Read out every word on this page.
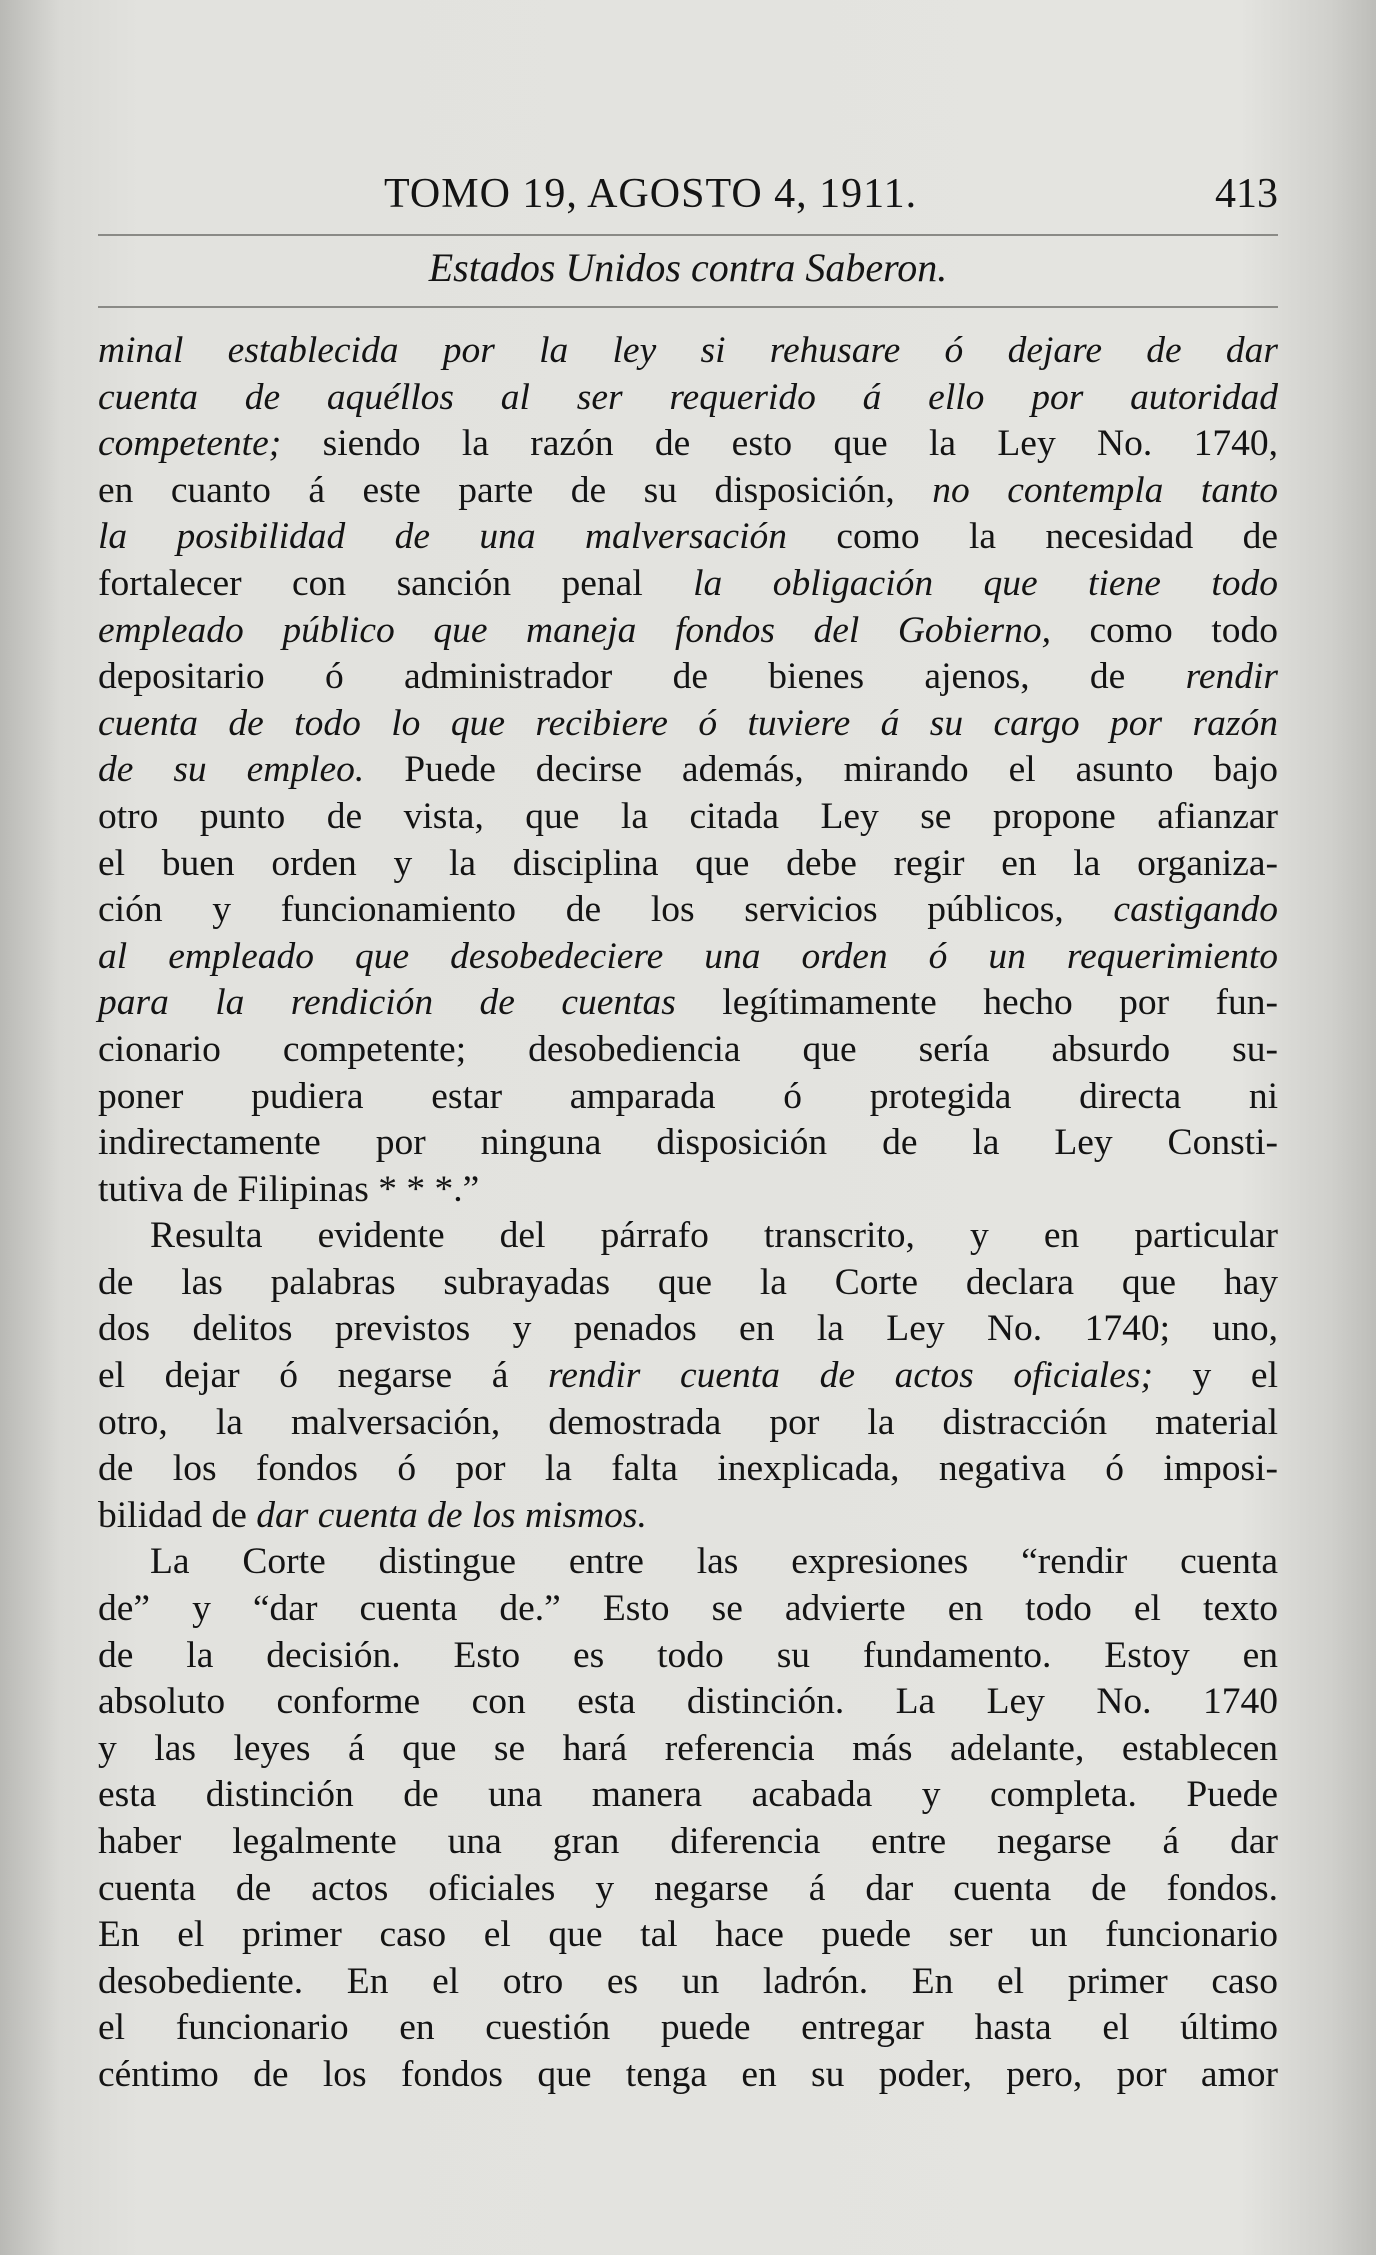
TOMO 19, AGOSTO 4, 1911.	413
Estados Unidos contra Saberon.
minal establecida por la ley si rehusare ó dejare de dar
cuenta de aquéllos al ser requerido á ello por autoridad
competente; siendo la razón de esto que la Ley No. 1740,
en cuanto á este parte de su disposición, no contempla tanto
la posibilidad de una malversación como la necesidad de
fortalecer con sanción penal la obligación que tiene todo
empleado público que maneja fondos del Gobierno, como todo
depositario ó administrador de bienes ajenos, de rendir
cuenta de todo lo que recibiere ó tuviere á su cargo por razón
de su empleo. Puede decirse además, mirando el asunto bajo
otro punto de vista, que la citada Ley se propone afianzar
el buen orden y la disciplina que debe regir en la organiza-
ción y funcionamiento de los servicios públicos, castigando
al empleado que desobedeciere una orden ó un requerimiento
para la rendición de cuentas legítimamente hecho por fun-
cionario competente; desobediencia que sería absurdo su-
poner pudiera estar amparada ó protegida directa ni
indirectamente por ninguna disposición de la Ley Consti-
tutiva de Filipinas * * *.”
Resulta evidente del párrafo transcrito, y en particular
de las palabras subrayadas que la Corte declara que hay
dos delitos previstos y penados en la Ley No. 1740; uno,
el dejar ó negarse á rendir cuenta de actos oficiales; y el
otro, la malversación, demostrada por la distracción material
de los fondos ó por la falta inexplicada, negativa ó imposi-
bilidad de dar cuenta de los mismos.
La Corte distingue entre las expresiones “rendir cuenta
de” y “dar cuenta de.” Esto se advierte en todo el texto
de la decisión. Esto es todo su fundamento. Estoy en
absoluto conforme con esta distinción. La Ley No. 1740
y las leyes á que se hará referencia más adelante, establecen
esta distinción de una manera acabada y completa. Puede
haber legalmente una gran diferencia entre negarse á dar
cuenta de actos oficiales y negarse á dar cuenta de fondos.
En el primer caso el que tal hace puede ser un funcionario
desobediente. En el otro es un ladrón. En el primer caso
el funcionario en cuestión puede entregar hasta el último
céntimo de los fondos que tenga en su poder, pero, por amor
